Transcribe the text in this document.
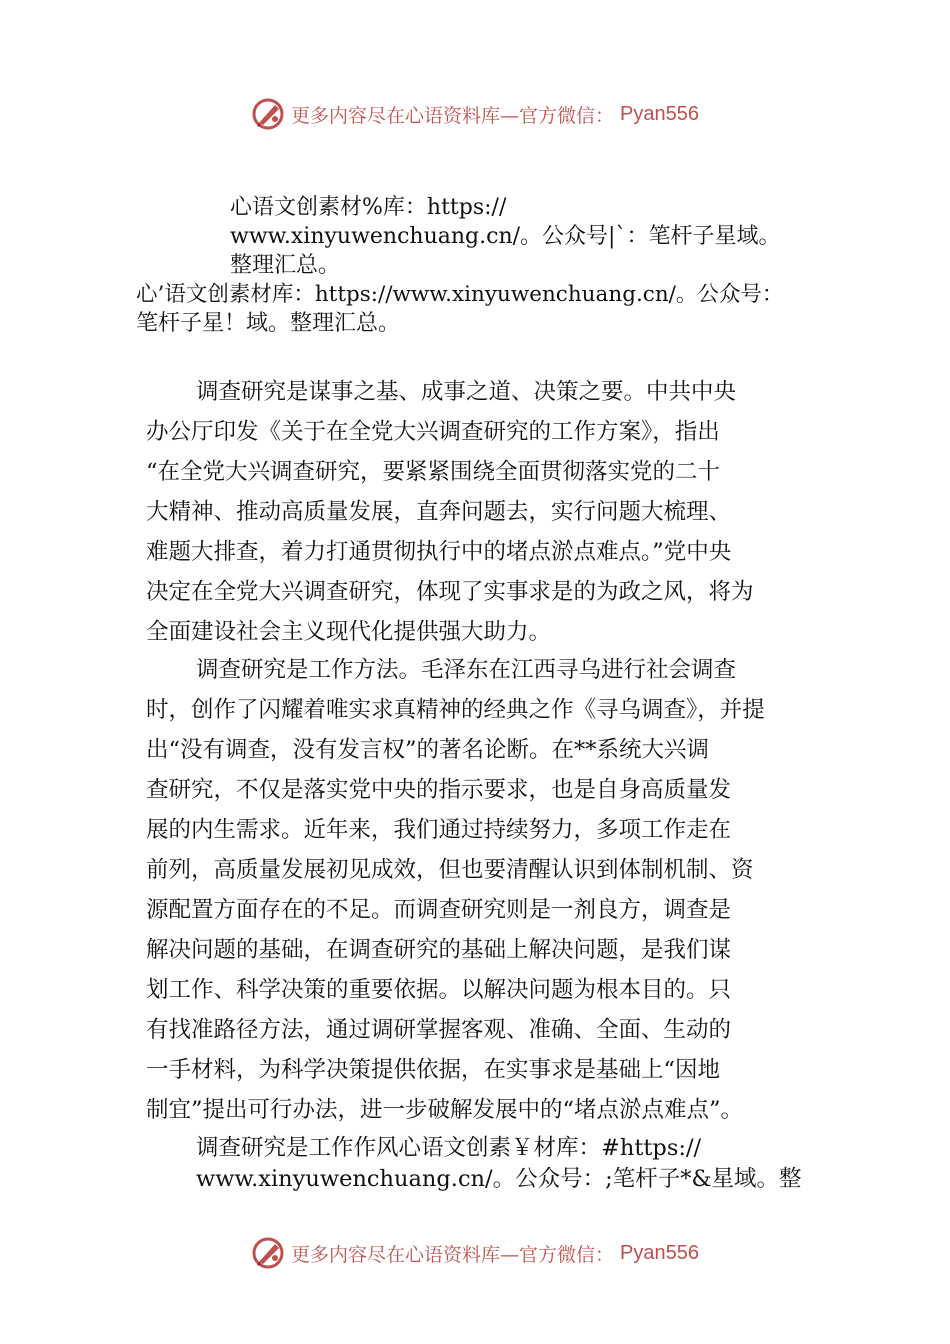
更多内容尽在心语资料库—官方微信： Pyan556
心语文创素材%库：https://
www.xinyuwenchuang.cn/。公众号|`：笔杆子星域。
整理汇总。
心’语文创素材库：https://www.xinyuwenchuang.cn/。公众号：
笔杆子星！域。整理汇总。
调查研究是谋事之基、成事之道、决策之要。中共中央
办公厅印发《关于在全党大兴调查研究的工作方案》，指出
“在全党大兴调查研究，要紧紧围绕全面贯彻落实党的二十
大精神、推动高质量发展，直奔问题去，实行问题大梳理、
难题大排查，着力打通贯彻执行中的堵点淤点难点。”党中央
决定在全党大兴调查研究，体现了实事求是的为政之风，将为
全面建设社会主义现代化提供强大助力。
调查研究是工作方法。毛泽东在江西寻乌进行社会调查
时，创作了闪耀着唯实求真精神的经典之作《寻乌调查》，并提
出“没有调查，没有发言权”的著名论断。在**系统大兴调
查研究，不仅是落实党中央的指示要求，也是自身高质量发
展的内生需求。近年来，我们通过持续努力，多项工作走在
前列，高质量发展初见成效，但也要清醒认识到体制机制、资
源配置方面存在的不足。而调查研究则是一剂良方，调查是
解决问题的基础，在调查研究的基础上解决问题，是我们谋
划工作、科学决策的重要依据。以解决问题为根本目的。只
有找准路径方法，通过调研掌握客观、准确、全面、生动的
一手材料，为科学决策提供依据，在实事求是基础上“因地
制宜”提出可行办法，进一步破解发展中的“堵点淤点难点”。
调查研究是工作作风心语文创素￥材库：#https://
www.xinyuwenchuang.cn/。公众号：;笔杆子*&星域。整
更多内容尽在心语资料库—官方微信： Pyan556
